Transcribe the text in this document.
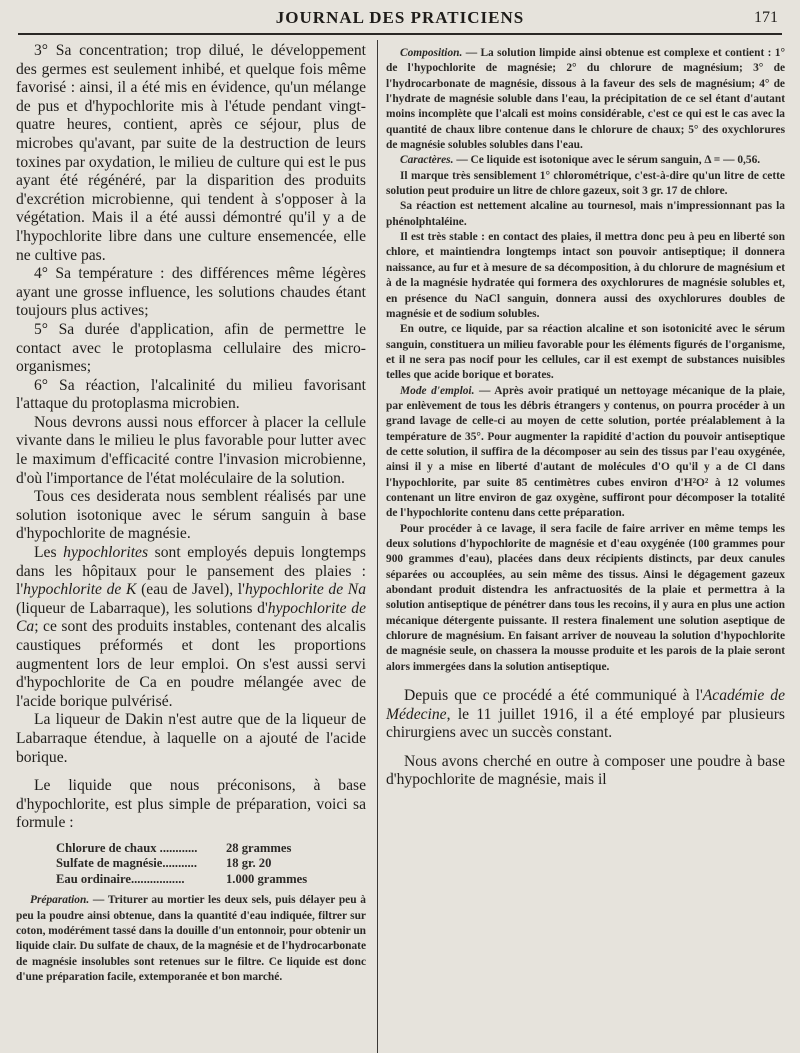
JOURNAL DES PRATICIENS	171

3° Sa concentration; trop dilué, le développement des germes est seulement inhibé, et quelque fois même favorisé : ainsi, il a été mis en évidence, qu'un mélange de pus et d'hypochlorite mis à l'étude pendant vingt-quatre heures, contient, après ce séjour, plus de microbes qu'avant, par suite de la destruction de leurs toxines par oxydation, le milieu de culture qui est le pus ayant été régénéré, par la disparition des produits d'excrétion microbienne, qui tendent à s'opposer à la végétation. Mais il a été aussi démontré qu'il y a de l'hypochlorite libre dans une culture ensemencée, elle ne cultive pas.

4° Sa température : des différences même légères ayant une grosse influence, les solutions chaudes étant toujours plus actives;

5° Sa durée d'application, afin de permettre le contact avec le protoplasma cellulaire des micro-organismes;

6° Sa réaction, l'alcalinité du milieu favorisant l'attaque du protoplasma microbien.

Nous devrons aussi nous efforcer à placer la cellule vivante dans le milieu le plus favorable pour lutter avec le maximum d'efficacité contre l'invasion microbienne, d'où l'importance de l'état moléculaire de la solution.

Tous ces desiderata nous semblent réalisés par une solution isotonique avec le sérum sanguin à base d'hypochlorite de magnésie.

Les hypochlorites sont employés depuis longtemps dans les hôpitaux pour le pansement des plaies : l'hypochlorite de K (eau de Javel), l'hypochlorite de Na (liqueur de Labarraque), les solutions d'hypochlorite de Ca; ce sont des produits instables, contenant des alcalis caustiques préformés et dont les proportions augmentent lors de leur emploi. On s'est aussi servi d'hypochlorite de Ca en poudre mélangée avec de l'acide borique pulvérisé.

La liqueur de Dakin n'est autre que de la liqueur de Labarraque étendue, à laquelle on a ajouté de l'acide borique.

Le liquide que nous préconisons, à base d'hypochlorite, est plus simple de préparation, voici sa formule :

Chlorure de chaux ............	28 grammes
Sulfate de magnésie...........	18 gr. 20
Eau ordinaire.................	1.000 grammes

Préparation. — Triturer au mortier les deux sels, puis délayer peu à peu la poudre ainsi obtenue, dans la quantité d'eau indiquée, filtrer sur coton, modérément tassé dans la douille d'un entonnoir, pour obtenir un liquide clair. Du sulfate de chaux, de la magnésie et de l'hydrocarbonate de magnésie insolubles sont retenues sur le filtre. Ce liquide est donc d'une préparation facile, extemporanée et bon marché.

Composition. — La solution limpide ainsi obtenue est complexe et contient : 1° de l'hypochlorite de magnésie; 2° du chlorure de magnésium; 3° de l'hydrocarbonate de magnésie, dissous à la faveur des sels de magnésium; 4° de l'hydrate de magnésie soluble dans l'eau, la précipitation de ce sel étant d'autant moins incomplète que l'alcali est moins considérable, c'est ce qui est le cas avec la quantité de chaux libre contenue dans le chlorure de chaux; 5° des oxychlorures de magnésie solubles solubles dans l'eau.

Caractères. — Ce liquide est isotonique avec le sérum sanguin, Δ = — 0,56.

Il marque très sensiblement 1° chlorométrique, c'est-à-dire qu'un litre de cette solution peut produire un litre de chlore gazeux, soit 3 gr. 17 de chlore.

Sa réaction est nettement alcaline au tournesol, mais n'impressionnant pas la phénolphtaléine.

Il est très stable : en contact des plaies, il mettra donc peu à peu en liberté son chlore, et maintiendra longtemps intact son pouvoir antiseptique; il donnera naissance, au fur et à mesure de sa décomposition, à du chlorure de magnésium et à de la magnésie hydratée qui formera des oxychlorures de magnésie solubles et, en présence du NaCl sanguin, donnera aussi des oxychlorures doubles de magnésie et de sodium solubles.

En outre, ce liquide, par sa réaction alcaline et son isotonicité avec le sérum sanguin, constituera un milieu favorable pour les éléments figurés de l'organisme, et il ne sera pas nocif pour les cellules, car il est exempt de substances nuisibles telles que acide borique et borates.

Mode d'emploi. — Après avoir pratiqué un nettoyage mécanique de la plaie, par enlèvement de tous les débris étrangers y contenus, on pourra procéder à un grand lavage de celle-ci au moyen de cette solution, portée préalablement à la température de 35°. Pour augmenter la rapidité d'action du pouvoir antiseptique de cette solution, il suffira de la décomposer au sein des tissus par l'eau oxygénée, ainsi il y a mise en liberté d'autant de molécules d'O qu'il y a de Cl dans l'hypochlorite, par suite 85 centimètres cubes environ d'H²O² à 12 volumes contenant un litre environ de gaz oxygène, suffiront pour décomposer la totalité de l'hypochlorite contenu dans cette préparation.

Pour procéder à ce lavage, il sera facile de faire arriver en même temps les deux solutions d'hypochlorite de magnésie et d'eau oxygénée (100 grammes pour 900 grammes d'eau), placées dans deux récipients distincts, par deux canules séparées ou accouplées, au sein même des tissus. Ainsi le dégagement gazeux abondant produit distendra les anfractuosités de la plaie et permettra à la solution antiseptique de pénétrer dans tous les recoins, il y aura en plus une action mécanique détergente puissante. Il restera finalement une solution aseptique de chlorure de magnésium. En faisant arriver de nouveau la solution d'hypochlorite de magnésie seule, on chassera la mousse produite et les parois de la plaie seront alors immergées dans la solution antiseptique.

Depuis que ce procédé a été communiqué à l'Académie de Médecine, le 11 juillet 1916, il a été employé par plusieurs chirurgiens avec un succès constant.

Nous avons cherché en outre à composer une poudre à base d'hypochlorite de magnésie, mais il
